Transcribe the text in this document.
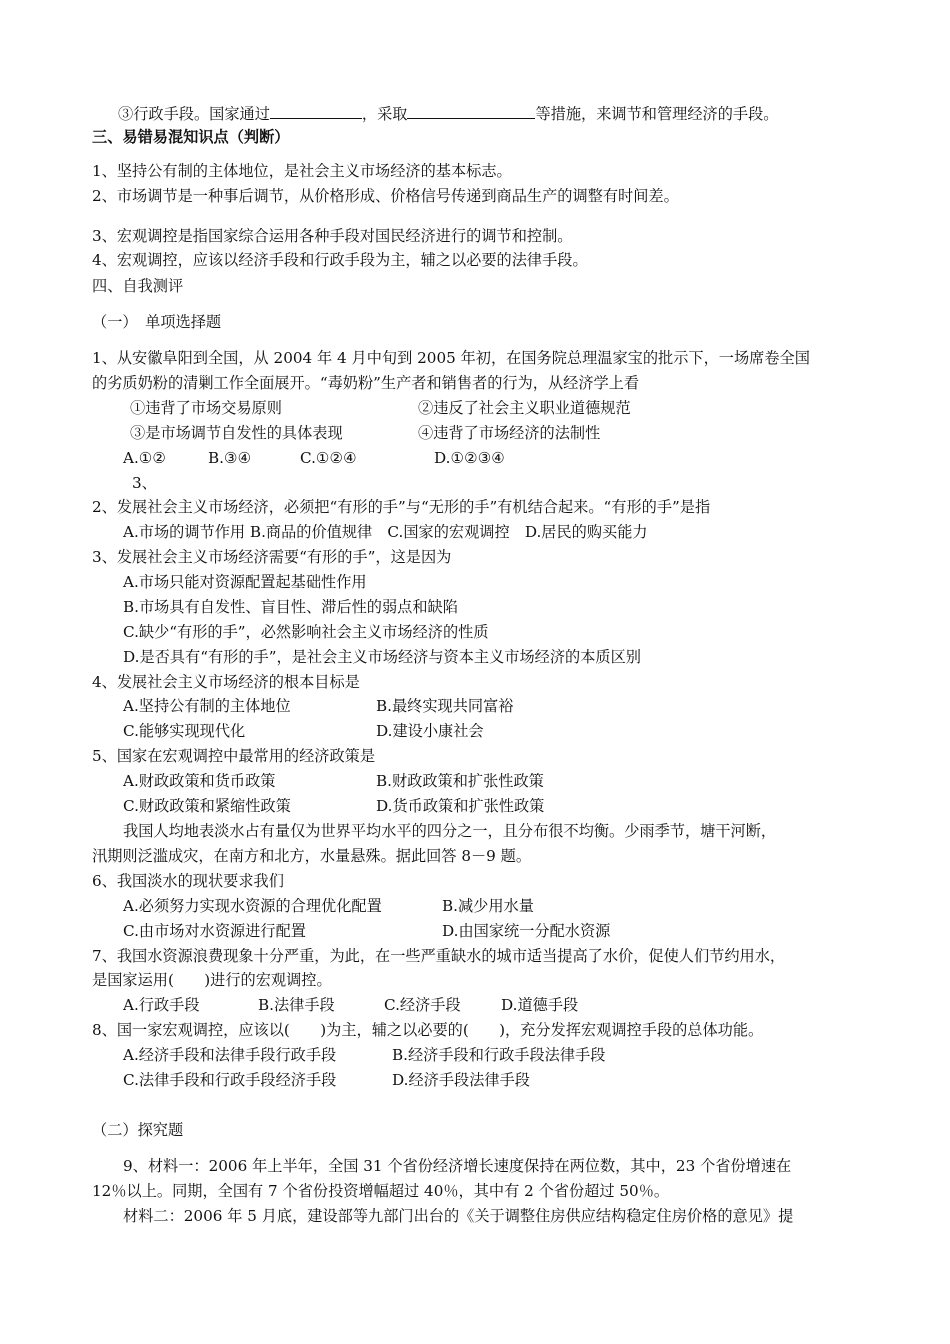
③行政手段。国家通过	，采取	等措施，来调节和管理经济的手段。
三、易错易混知识点（判断）
1、坚持公有制的主体地位，是社会主义市场经济的基本标志。
2、市场调节是一种事后调节，从价格形成、价格信号传递到商品生产的调整有时间差。
3、宏观调控是指国家综合运用各种手段对国民经济进行的调节和控制。
4、宏观调控，应该以经济手段和行政手段为主，辅之以必要的法律手段。
四、自我测评
（一）　单项选择题
1、从安徽阜阳到全国，从 2004 年 4 月中旬到 2005 年初，在国务院总理温家宝的批示下，一场席卷全国
的劣质奶粉的清剿工作全面展开。“毒奶粉”生产者和销售者的行为，从经济学上看
①违背了市场交易原则	②违反了社会主义职业道德规范
③是市场调节自发性的具体表现	④违背了市场经济的法制性
A.①②	B.③④	C.①②④	D.①②③④
3、
2、发展社会主义市场经济，必须把“有形的手”与“无形的手”有机结合起来。“有形的手”是指
A.市场的调节作用 B.商品的价值规律　C.国家的宏观调控　D.居民的购买能力
3、发展社会主义市场经济需要“有形的手”，这是因为
A.市场只能对资源配置起基础性作用
B.市场具有自发性、盲目性、滞后性的弱点和缺陷
C.缺少“有形的手”，必然影响社会主义市场经济的性质
D.是否具有“有形的手”，是社会主义市场经济与资本主义市场经济的本质区别
4、发展社会主义市场经济的根本目标是
A.坚持公有制的主体地位	B.最终实现共同富裕
C.能够实现现代化	D.建设小康社会
5、国家在宏观调控中最常用的经济政策是
A.财政政策和货币政策	B.财政政策和扩张性政策
C.财政政策和紧缩性政策	D.货币政策和扩张性政策
我国人均地表淡水占有量仅为世界平均水平的四分之一，且分布很不均衡。少雨季节，塘干河断，
汛期则泛滥成灾，在南方和北方，水量悬殊。据此回答 8－9 题。
6、我国淡水的现状要求我们
A.必须努力实现水资源的合理优化配置	B.减少用水量
C.由市场对水资源进行配置	D.由国家统一分配水资源
7、我国水资源浪费现象十分严重，为此，在一些严重缺水的城市适当提高了水价，促使人们节约用水，
是国家运用(　　)进行的宏观调控。
A.行政手段	B.法律手段	C.经济手段	D.道德手段
8、国一家宏观调控，应该以(　　)为主，辅之以必要的(　　)，充分发挥宏观调控手段的总体功能。
A.经济手段和法律手段行政手段	B.经济手段和行政手段法律手段
C.法律手段和行政手段经济手段	D.经济手段法律手段
（二）探究题
9、材料一：2006 年上半年，全国 31 个省份经济增长速度保持在两位数，其中，23 个省份增速在
12％以上。同期，全国有 7 个省份投资增幅超过 40％，其中有 2 个省份超过 50％。
材料二：2006 年 5 月底，建设部等九部门出台的《关于调整住房供应结构稳定住房价格的意见》提
